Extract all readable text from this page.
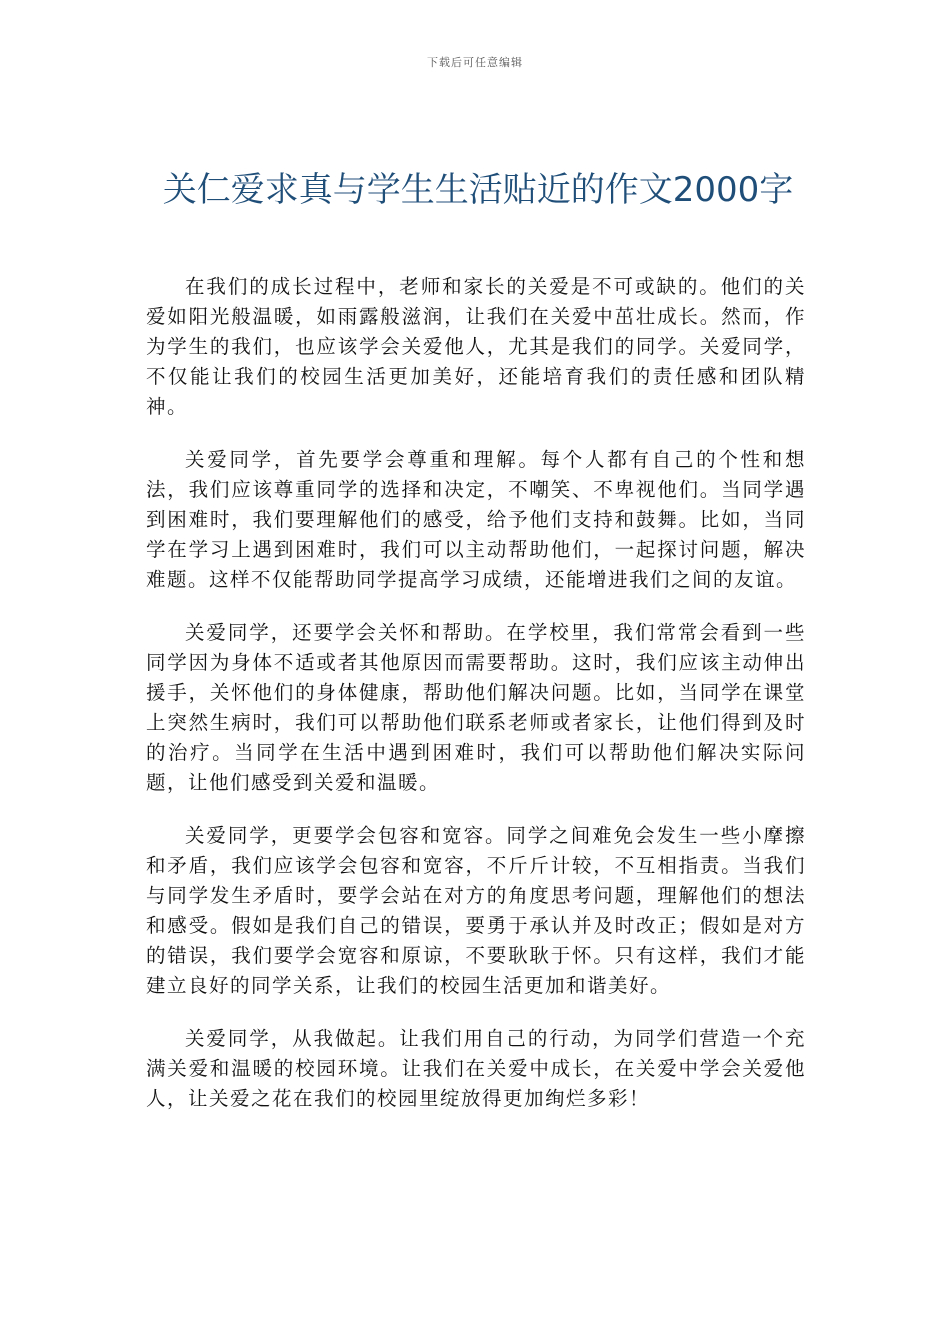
下载后可任意编辑
关仁爱求真与学生生活贴近的作文2000字

在我们的成长过程中，老师和家长的关爱是不可或缺的。他们的关爱如阳光般温暖，如雨露般滋润，让我们在关爱中茁壮成长。然而，作为学生的我们，也应该学会关爱他人，尤其是我们的同学。关爱同学，不仅能让我们的校园生活更加美好，还能培育我们的责任感和团队精神。

关爱同学，首先要学会尊重和理解。每个人都有自己的个性和想法，我们应该尊重同学的选择和决定，不嘲笑、不卑视他们。当同学遇到困难时，我们要理解他们的感受，给予他们支持和鼓舞。比如，当同学在学习上遇到困难时，我们可以主动帮助他们，一起探讨问题，解决难题。这样不仅能帮助同学提高学习成绩，还能增进我们之间的友谊。

关爱同学，还要学会关怀和帮助。在学校里，我们常常会看到一些同学因为身体不适或者其他原因而需要帮助。这时，我们应该主动伸出援手，关怀他们的身体健康，帮助他们解决问题。比如，当同学在课堂上突然生病时，我们可以帮助他们联系老师或者家长，让他们得到及时的治疗。当同学在生活中遇到困难时，我们可以帮助他们解决实际问题，让他们感受到关爱和温暖。

关爱同学，更要学会包容和宽容。同学之间难免会发生一些小摩擦和矛盾，我们应该学会包容和宽容，不斤斤计较，不互相指责。当我们与同学发生矛盾时，要学会站在对方的角度思考问题，理解他们的想法和感受。假如是我们自己的错误，要勇于承认并及时改正；假如是对方的错误，我们要学会宽容和原谅，不要耿耿于怀。只有这样，我们才能建立良好的同学关系，让我们的校园生活更加和谐美好。

关爱同学，从我做起。让我们用自己的行动，为同学们营造一个充满关爱和温暖的校园环境。让我们在关爱中成长，在关爱中学会关爱他人，让关爱之花在我们的校园里绽放得更加绚烂多彩！
